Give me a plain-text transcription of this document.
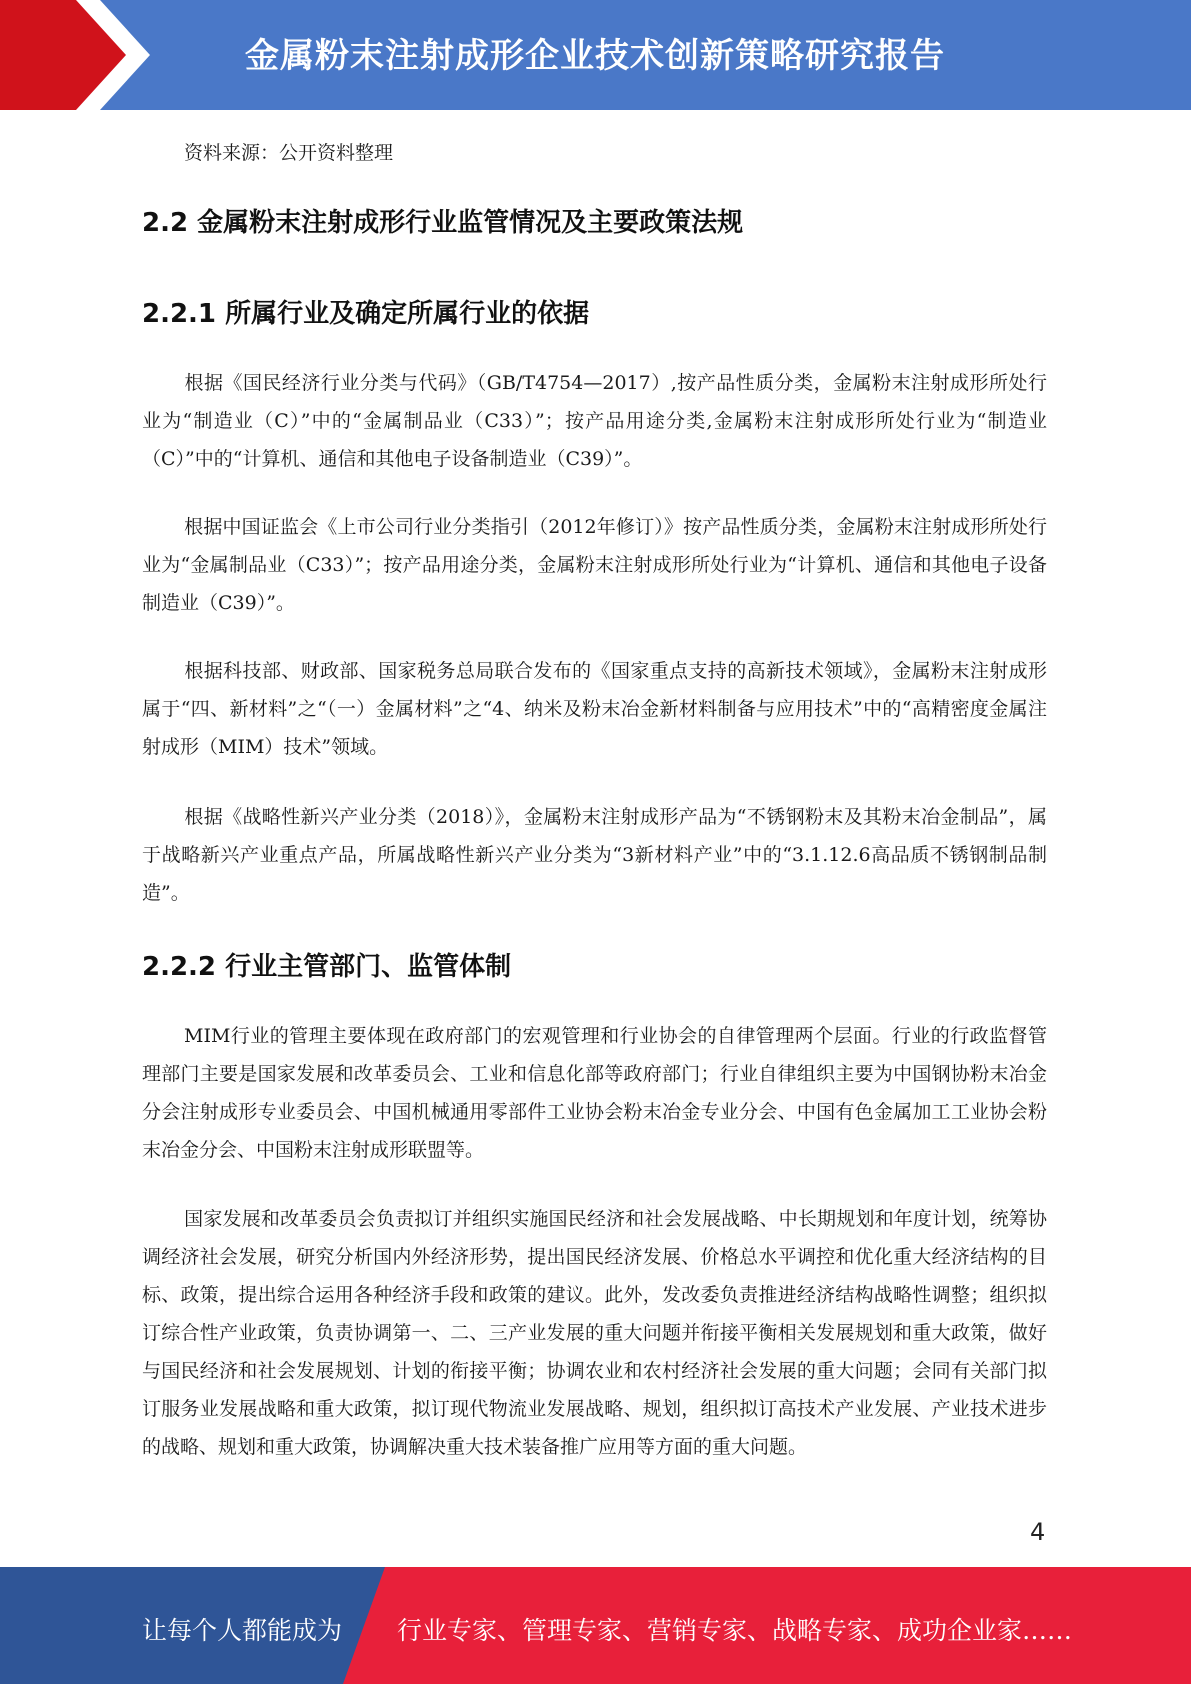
金属粉末注射成形企业技术创新策略研究报告
资料来源：公开资料整理
2.2 金属粉末注射成形行业监管情况及主要政策法规
2.2.1 所属行业及确定所属行业的依据
根据《国民经济行业分类与代码》（GB/T4754—2017）,按产品性质分类，金属粉末注射成形所处行业为“制造业（C）”中的“金属制品业（C33）”；按产品用途分类,金属粉末注射成形所处行业为“制造业（C）”中的“计算机、通信和其他电子设备制造业（C39）”。
根据中国证监会《上市公司行业分类指引（2012年修订）》按产品性质分类，金属粉末注射成形所处行业为“金属制品业（C33）”；按产品用途分类，金属粉末注射成形所处行业为“计算机、通信和其他电子设备制造业（C39）”。
根据科技部、财政部、国家税务总局联合发布的《国家重点支持的高新技术领域》，金属粉末注射成形属于“四、新材料”之“（一）金属材料”之“4、纳米及粉末冶金新材料制备与应用技术”中的“高精密度金属注射成形（MIM）技术”领域。
根据《战略性新兴产业分类（2018）》，金属粉末注射成形产品为“不锈钢粉末及其粉末冶金制品”，属于战略新兴产业重点产品，所属战略性新兴产业分类为“3新材料产业”中的“3.1.12.6高品质不锈钢制品制造”。
2.2.2 行业主管部门、监管体制
MIM行业的管理主要体现在政府部门的宏观管理和行业协会的自律管理两个层面。行业的行政监督管理部门主要是国家发展和改革委员会、工业和信息化部等政府部门；行业自律组织主要为中国钢协粉末冶金分会注射成形专业委员会、中国机械通用零部件工业协会粉末冶金专业分会、中国有色金属加工工业协会粉末冶金分会、中国粉末注射成形联盟等。
国家发展和改革委员会负责拟订并组织实施国民经济和社会发展战略、中长期规划和年度计划，统筹协调经济社会发展，研究分析国内外经济形势，提出国民经济发展、价格总水平调控和优化重大经济结构的目标、政策，提出综合运用各种经济手段和政策的建议。此外，发改委负责推进经济结构战略性调整；组织拟订综合性产业政策，负责协调第一、二、三产业发展的重大问题并衔接平衡相关发展规划和重大政策，做好与国民经济和社会发展规划、计划的衔接平衡；协调农业和农村经济社会发展的重大问题；会同有关部门拟订服务业发展战略和重大政策，拟订现代物流业发展战略、规划，组织拟订高技术产业发展、产业技术进步的战略、规划和重大政策，协调解决重大技术装备推广应用等方面的重大问题。
4
让每个人都能成为 行业专家、管理专家、营销专家、战略专家、成功企业家……
